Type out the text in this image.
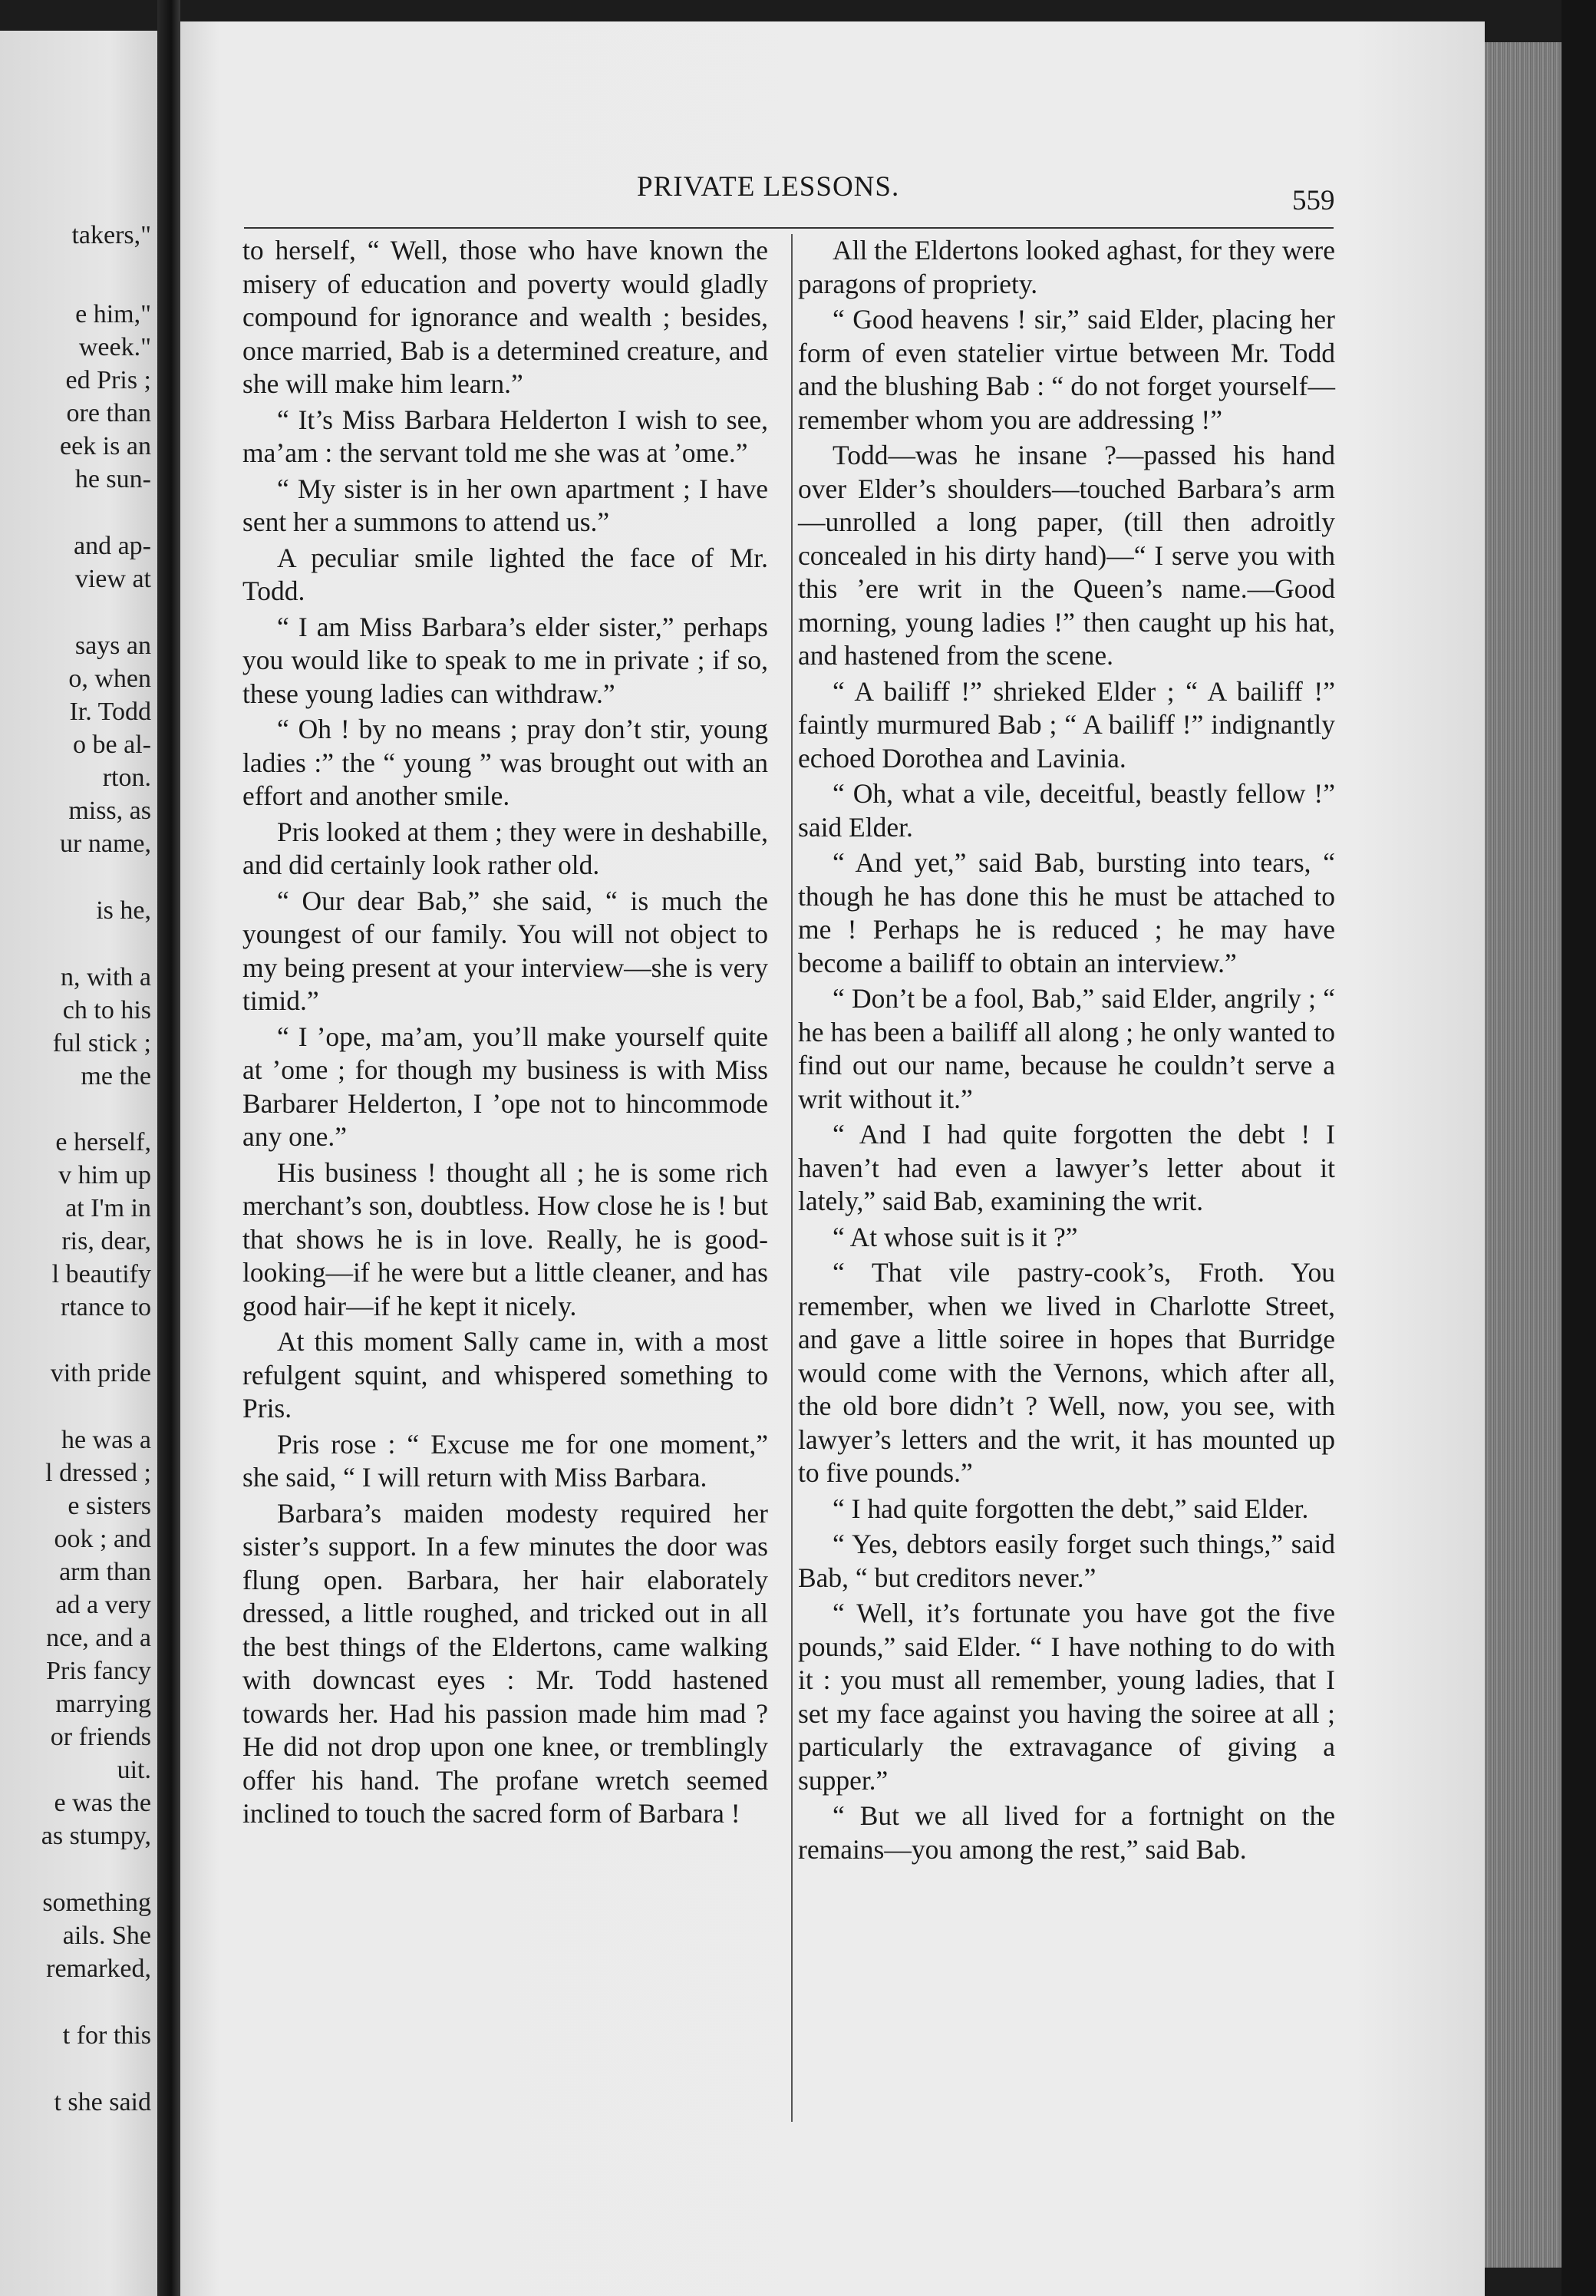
takers,"
e him,"
week."
ed Pris ;
ore than
eek is an
he sun-
and ap-
view at
says an
o, when
Ir. Todd
o be al-
rton.
miss, as
ur name,
is he,
n, with a
ch to his
ful stick ;
me the
e herself,
v him up
at I'm in
ris, dear,
l beautify
rtance to
vith pride
he was a
l dressed ;
e sisters
ook ; and
arm than
ad a very
nce, and a
Pris fancy
marrying
or friends
uit.
e was the
as stumpy,
something
ails. She
remarked,
t for this
t she said
PRIVATE LESSONS.	559

to herself, “ Well, those who have known the misery of education and poverty would gladly compound for ignorance and wealth ; besides, once married, Bab is a determined creature, and she will make him learn.”

“ It’s Miss Barbara Helderton I wish to see, ma’am : the servant told me she was at ’ome.”

“ My sister is in her own apartment ; I have sent her a summons to attend us.”

A peculiar smile lighted the face of Mr. Todd.

“ I am Miss Barbara’s elder sister,” perhaps you would like to speak to me in private ; if so, these young ladies can withdraw.”

“ Oh ! by no means ; pray don’t stir, young ladies :” the “ young ” was brought out with an effort and another smile.

Pris looked at them ; they were in deshabille, and did certainly look rather old.

“ Our dear Bab,” she said, “ is much the youngest of our family. You will not object to my being present at your interview—she is very timid.”

“ I ’ope, ma’am, you’ll make yourself quite at ’ome ; for though my business is with Miss Barbarer Helderton, I ’ope not to hincommode any one.”

His business ! thought all ; he is some rich merchant’s son, doubtless. How close he is ! but that shows he is in love. Really, he is good-looking—if he were but a little cleaner, and has good hair—if he kept it nicely.

At this moment Sally came in, with a most refulgent squint, and whispered something to Pris.

Pris rose : “ Excuse me for one moment,” she said, “ I will return with Miss Barbara.

Barbara’s maiden modesty required her sister’s support. In a few minutes the door was flung open. Barbara, her hair elaborately dressed, a little roughed, and tricked out in all the best things of the Eldertons, came walking with downcast eyes : Mr. Todd hastened towards her. Had his passion made him mad ? He did not drop upon one knee, or tremblingly offer his hand. The profane wretch seemed inclined to touch the sacred form of Barbara !

All the Eldertons looked aghast, for they were paragons of propriety.

“ Good heavens ! sir,” said Elder, placing her form of even statelier virtue between Mr. Todd and the blushing Bab : “ do not forget yourself—remember whom you are addressing !”

Todd—was he insane ?—passed his hand over Elder’s shoulders—touched Barbara’s arm—unrolled a long paper, (till then adroitly concealed in his dirty hand)—“ I serve you with this ’ere writ in the Queen’s name.—Good morning, young ladies !” then caught up his hat, and hastened from the scene.

“ A bailiff !” shrieked Elder ; “ A bailiff !” faintly murmured Bab ; “ A bailiff !” indignantly echoed Dorothea and Lavinia.

“ Oh, what a vile, deceitful, beastly fellow !” said Elder.

“ And yet,” said Bab, bursting into tears, “ though he has done this he must be attached to me ! Perhaps he is reduced ; he may have become a bailiff to obtain an interview.”

“ Don’t be a fool, Bab,” said Elder, angrily ; “ he has been a bailiff all along ; he only wanted to find out our name, because he couldn’t serve a writ without it.”

“ And I had quite forgotten the debt ! I haven’t had even a lawyer’s letter about it lately,” said Bab, examining the writ.

“ At whose suit is it ?”

“ That vile pastry-cook’s, Froth. You remember, when we lived in Charlotte Street, and gave a little soiree in hopes that Burridge would come with the Vernons, which after all, the old bore didn’t ? Well, now, you see, with lawyer’s letters and the writ, it has mounted up to five pounds.”

“ I had quite forgotten the debt,” said Elder.

“ Yes, debtors easily forget such things,” said Bab, “ but creditors never.”

“ Well, it’s fortunate you have got the five pounds,” said Elder. “ I have nothing to do with it : you must all remember, young ladies, that I set my face against you having the soiree at all ; particularly the extravagance of giving a supper.”

“ But we all lived for a fortnight on the remains—you among the rest,” said Bab.
